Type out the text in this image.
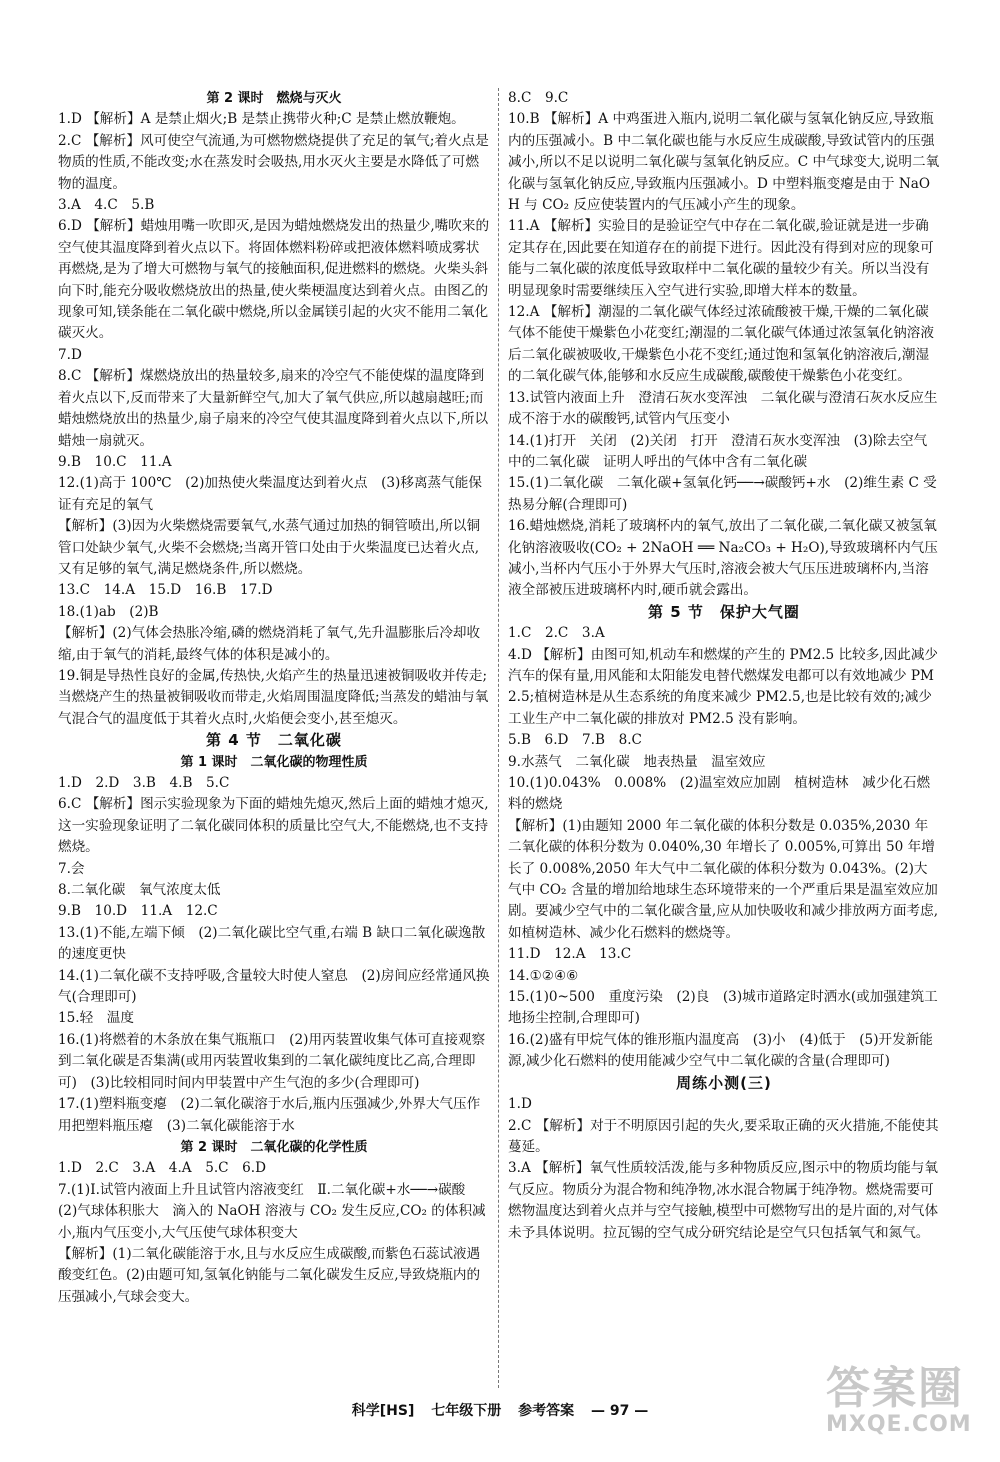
第 2 课时　燃烧与灭火
1.D 【解析】A 是禁止烟火;B 是禁止携带火种;C 是禁止燃放鞭炮。
2.C 【解析】风可使空气流通,为可燃物燃烧提供了充足的氧气;着火点是物质的性质,不能改变;水在蒸发时会吸热,用水灭火主要是水降低了可燃物的温度。
3.A　4.C　5.B
6.D 【解析】蜡烛用嘴一吹即灭,是因为蜡烛燃烧发出的热量少,嘴吹来的空气使其温度降到着火点以下。将固体燃料粉碎或把液体燃料喷成雾状再燃烧,是为了增大可燃物与氧气的接触面积,促进燃料的燃烧。火柴头斜向下时,能充分吸收燃烧放出的热量,使火柴梗温度达到着火点。由图乙的现象可知,镁条能在二氧化碳中燃烧,所以金属镁引起的火灾不能用二氧化碳灭火。
7.D
8.C 【解析】煤燃烧放出的热量较多,扇来的冷空气不能使煤的温度降到着火点以下,反而带来了大量新鲜空气,加大了氧气供应,所以越扇越旺;而蜡烛燃烧放出的热量少,扇子扇来的冷空气使其温度降到着火点以下,所以蜡烛一扇就灭。
9.B　10.C　11.A
12.(1)高于 100℃　(2)加热使火柴温度达到着火点　(3)移离蒸气能保证有充足的氧气
【解析】(3)因为火柴燃烧需要氧气,水蒸气通过加热的铜管喷出,所以铜管口处缺少氧气,火柴不会燃烧;当离开管口处由于火柴温度已达着火点,又有足够的氧气,满足燃烧条件,所以燃烧。
13.C　14.A　15.D　16.B　17.D
18.(1)ab　(2)B
【解析】(2)气体会热胀冷缩,磷的燃烧消耗了氧气,先升温膨胀后冷却收缩,由于氧气的消耗,最终气体的体积是减小的。
19.铜是导热性良好的金属,传热快,火焰产生的热量迅速被铜吸收并传走;当燃烧产生的热量被铜吸收而带走,火焰周围温度降低;当蒸发的蜡油与氧气混合气的温度低于其着火点时,火焰便会变小,甚至熄灭。
第 4 节　二氧化碳
第 1 课时　二氧化碳的物理性质
1.D　2.D　3.B　4.B　5.C
6.C 【解析】图示实验现象为下面的蜡烛先熄灭,然后上面的蜡烛才熄灭,这一实验现象证明了二氧化碳同体积的质量比空气大,不能燃烧,也不支持燃烧。
7.会
8.二氧化碳　氧气浓度太低
9.B　10.D　11.A　12.C
13.(1)不能,左端下倾　(2)二氧化碳比空气重,右端 B 缺口二氧化碳逸散的速度更快
14.(1)二氧化碳不支持呼吸,含量较大时使人窒息　(2)房间应经常通风换气(合理即可)
15.轻　温度
16.(1)将燃着的木条放在集气瓶瓶口　(2)用丙装置收集气体可直接观察到二氧化碳是否集满(或用丙装置收集到的二氧化碳纯度比乙高,合理即可)　(3)比较相同时间内甲装置中产生气泡的多少(合理即可)
17.(1)塑料瓶变瘪　(2)二氧化碳溶于水后,瓶内压强减少,外界大气压作用把塑料瓶压瘪　(3)二氧化碳能溶于水
第 2 课时　二氧化碳的化学性质
1.D　2.C　3.A　4.A　5.C　6.D
7.(1)Ⅰ.试管内液面上升且试管内溶液变红　Ⅱ.二氧化碳+水──→碳酸　(2)气球体积胀大　滴入的 NaOH 溶液与 CO₂ 发生反应,CO₂ 的体积减小,瓶内气压变小,大气压使气球体积变大
【解析】(1)二氧化碳能溶于水,且与水反应生成碳酸,而紫色石蕊试液遇酸变红色。(2)由题可知,氢氧化钠能与二氧化碳发生反应,导致烧瓶内的压强减小,气球会变大。
8.C　9.C
10.B 【解析】A 中鸡蛋进入瓶内,说明二氧化碳与氢氧化钠反应,导致瓶内的压强减小。B 中二氧化碳也能与水反应生成碳酸,导致试管内的压强减小,所以不足以说明二氧化碳与氢氧化钠反应。C 中气球变大,说明二氧化碳与氢氧化钠反应,导致瓶内压强减小。D 中塑料瓶变瘪是由于 NaOH 与 CO₂ 反应使装置内的气压减小产生的现象。
11.A 【解析】实验目的是验证空气中存在二氧化碳,验证就是进一步确定其存在,因此要在知道存在的前提下进行。因此没有得到对应的现象可能与二氧化碳的浓度低导致取样中二氧化碳的量较少有关。所以当没有明显现象时需要继续压入空气进行实验,即增大样本的数量。
12.A 【解析】潮湿的二氧化碳气体经过浓硫酸被干燥,干燥的二氧化碳气体不能使干燥紫色小花变红;潮湿的二氧化碳气体通过浓氢氧化钠溶液后二氧化碳被吸收,干燥紫色小花不变红;通过饱和氢氧化钠溶液后,潮湿的二氧化碳气体,能够和水反应生成碳酸,碳酸使干燥紫色小花变红。
13.试管内液面上升　澄清石灰水变浑浊　二氧化碳与澄清石灰水反应生成不溶于水的碳酸钙,试管内气压变小
14.(1)打开　关闭　(2)关闭　打开　澄清石灰水变浑浊　(3)除去空气中的二氧化碳　证明人呼出的气体中含有二氧化碳
15.(1)二氧化碳　二氧化碳+氢氧化钙──→碳酸钙+水　(2)维生素 C 受热易分解(合理即可)
16.蜡烛燃烧,消耗了玻璃杯内的氧气,放出了二氧化碳,二氧化碳又被氢氧化钠溶液吸收(CO₂ + 2NaOH ══ Na₂CO₃ + H₂O),导致玻璃杯内气压减小,当杯内气压小于外界大气压时,溶液会被大气压压进玻璃杯内,当溶液全部被压进玻璃杯内时,硬币就会露出。
第 5 节　保护大气圈
1.C　2.C　3.A
4.D 【解析】由图可知,机动车和燃煤的产生的 PM2.5 比较多,因此减少汽车的保有量,用风能和太阳能发电替代燃煤发电都可以有效地减少 PM2.5;植树造林是从生态系统的角度来减少 PM2.5,也是比较有效的;减少工业生产中二氧化碳的排放对 PM2.5 没有影响。
5.B　6.D　7.B　8.C
9.水蒸气　二氧化碳　地表热量　温室效应
10.(1)0.043%　0.008%　(2)温室效应加剧　植树造林　减少化石燃料的燃烧
【解析】(1)由题知 2000 年二氧化碳的体积分数是 0.035%,2030 年二氧化碳的体积分数为 0.040%,30 年增长了 0.005%,可算出 50 年增长了 0.008%,2050 年大气中二氧化碳的体积分数为 0.043%。(2)大气中 CO₂ 含量的增加给地球生态环境带来的一个严重后果是温室效应加剧。要减少空气中的二氧化碳含量,应从加快吸收和减少排放两方面考虑,如植树造林、减少化石燃料的燃烧等。
11.D　12.A　13.C
14.①②④⑥
15.(1)0~500　重度污染　(2)良　(3)城市道路定时洒水(或加强建筑工地扬尘控制,合理即可)
16.(2)盛有甲烷气体的锥形瓶内温度高　(3)小　(4)低于　(5)开发新能源,减少化石燃料的使用能减少空气中二氧化碳的含量(合理即可)
周练小测(三)
1.D
2.C 【解析】对于不明原因引起的失火,要采取正确的灭火措施,不能使其蔓延。
3.A 【解析】氧气性质较活泼,能与多种物质反应,图示中的物质均能与氧气反应。物质分为混合物和纯净物,冰水混合物属于纯净物。燃烧需要可燃物温度达到着火点并与空气接触,模型中可燃物写出的是片面的,对气体未予具体说明。拉瓦锡的空气成分研究结论是空气只包括氧气和氮气。
科学[HS] 七年级下册 参考答案 — 97 —	答案圈
MXQE.COM
